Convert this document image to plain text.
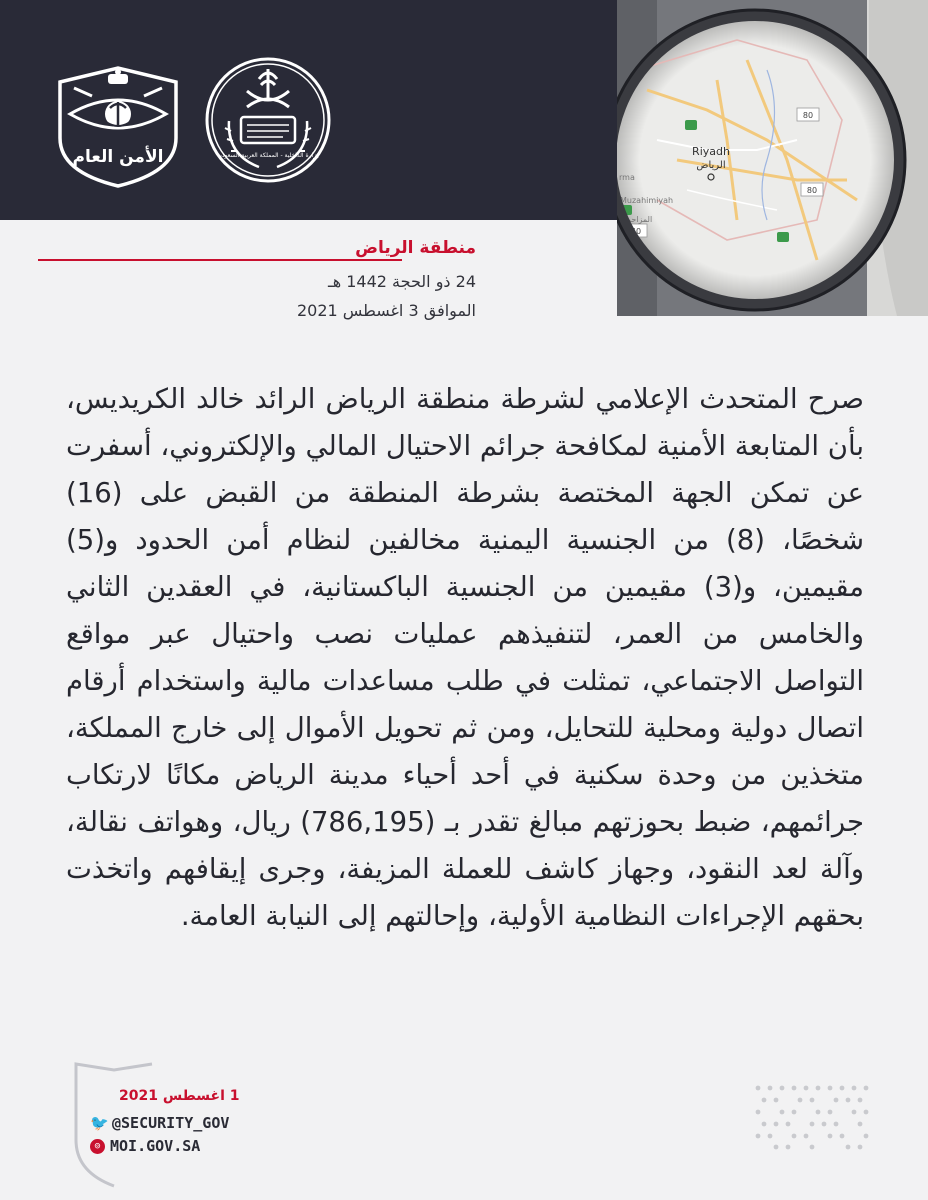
الأمن العام	وزارة الداخلية - المملكة العربية السعودية
80
80
40
Riyadh
الرياض
Muzahimiyah
المزاحمية
rma
منطقة الرياض
24 ذو الحجة 1442 هـ
الموافق 3 اغسطس 2021
صرح المتحدث الإعلامي لشرطة منطقة الرياض الرائد خالد الكريديس، بأن المتابعة الأمنية لمكافحة جرائم الاحتيال المالي والإلكتروني، أسفرت عن تمكن الجهة المختصة بشرطة المنطقة من القبض على (16) شخصًا، (8) من الجنسية اليمنية مخالفين لنظام أمن الحدود و(5) مقيمين، و(3) مقيمين من الجنسية الباكستانية، في العقدين الثاني والخامس من العمر، لتنفيذهم عمليات نصب واحتيال عبر مواقع التواصل الاجتماعي، تمثلت في طلب مساعدات مالية واستخدام أرقام اتصال دولية ومحلية للتحايل، ومن ثم تحويل الأموال إلى خارج المملكة، متخذين من وحدة سكنية في أحد أحياء مدينة الرياض مكانًا لارتكاب جرائمهم، ضبط بحوزتهم مبالغ تقدر بـ (786,195) ريال، وهواتف نقالة، وآلة لعد النقود، وجهاز كاشف للعملة المزيفة، وجرى إيقافهم واتخذت بحقهم الإجراءات النظامية الأولية، وإحالتهم إلى النيابة العامة.
1 اغسطس 2021
🐦 @SECURITY_GOV
◎ MOI.GOV.SA
